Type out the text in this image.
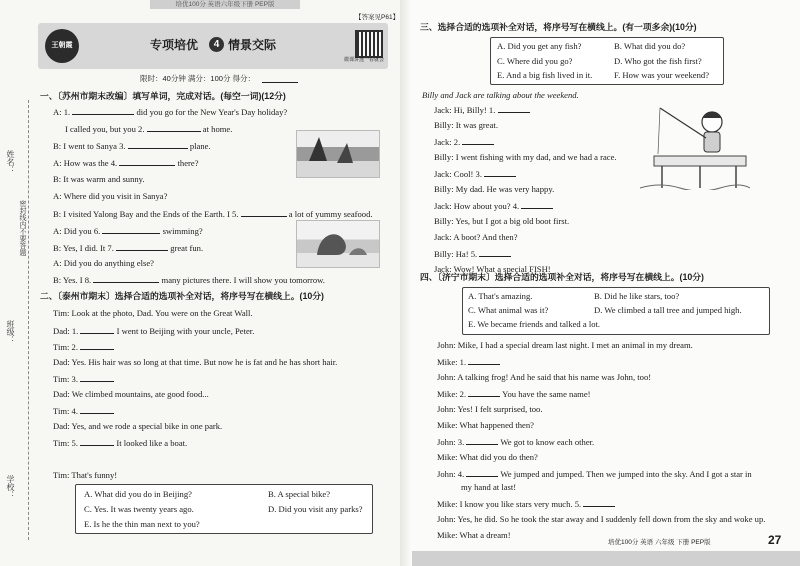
培优100分 英语六年级下册 PEP版
【答案见P61】
王朝霞	专项培优	4 情景交际
微课讲透一看就会
限时：40分钟 满分：100分 得分：
姓名：
密封线内不要答题
班级：
学校：
一、〔苏州市期末改编〕填写单词，完成对话。(每空一词)(12分)
A: 1.	did you go for the New Year's Day holiday?
I called you, but you 2.	at home.
B: I went to Sanya 3.	plane.
A: How was the 4.	there?
B: It was warm and sunny.
A: Where did you visit in Sanya?
B: I visited Yalong Bay and the Ends of the Earth. I 5.	a lot of yummy seafood.
A: Did you 6.	swimming?
B: Yes, I did. It 7.	great fun.
A: Did you do anything else?
B: Yes. I 8.	many pictures there. I will show you tomorrow.
二、〔泰州市期末〕选择合适的选项补全对话，将序号写在横线上。(10分)
Tim: Look at the photo, Dad. You were on the Great Wall.
Dad: 1.	I went to Beijing with your uncle, Peter.
Tim: 2.
Dad: Yes. His hair was so long at that time. But now he is fat and he has short hair.
Tim: 3.
Dad: We climbed mountains, ate good food...
Tim: 4.
Dad: Yes, and we rode a special bike in one park.
Tim: 5.	It looked like a boat.
Tim: That's funny!
A. What did you do in Beijing?	B. A special bike?
C. Yes. It was twenty years ago.	D. Did you visit any parks?
E. Is he the thin man next to you?
三、选择合适的选项补全对话，将序号写在横线上。(有一项多余)(10分)
A. Did you get any fish?	B. What did you do?
C. Where did you go?	D. Who got the fish first?
E. And a big fish lived in it.	F. How was your weekend?
Billy and Jack are talking about the weekend.
Jack: Hi, Billy! 1.
Billy: It was great.
Jack: 2.
Billy: I went fishing with my dad, and we had a race.
Jack: Cool! 3.
Billy: My dad. He was very happy.
Jack: How about you? 4.
Billy: Yes, but I got a big old boot first.
Jack: A boot? And then?
Billy: Ha! 5.
Jack: Wow! What a special FISH!
四、〔济宁市期末〕选择合适的选项补全对话，将序号写在横线上。(10分)
A. That's amazing.	B. Did he like stars, too?
C. What animal was it?	D. We climbed a tall tree and jumped high.
E. We became friends and talked a lot.
John: Mike, I had a special dream last night. I met an animal in my dream.
Mike: 1.
John: A talking frog! And he said that his name was John, too!
Mike: 2.	You have the same name!
John: Yes! I felt surprised, too.
Mike: What happened then?
John: 3.	We got to know each other.
Mike: What did you do then?
John: 4.	We jumped and jumped. Then we jumped into the sky. And I got a star in
my hand at last!
Mike: I know you like stars very much. 5.
John: Yes, he did. So he took the star away and I suddenly fell down from the sky and woke up.
Mike: What a dream!
培优100分 英语 六年级 下册 PEP版	27
